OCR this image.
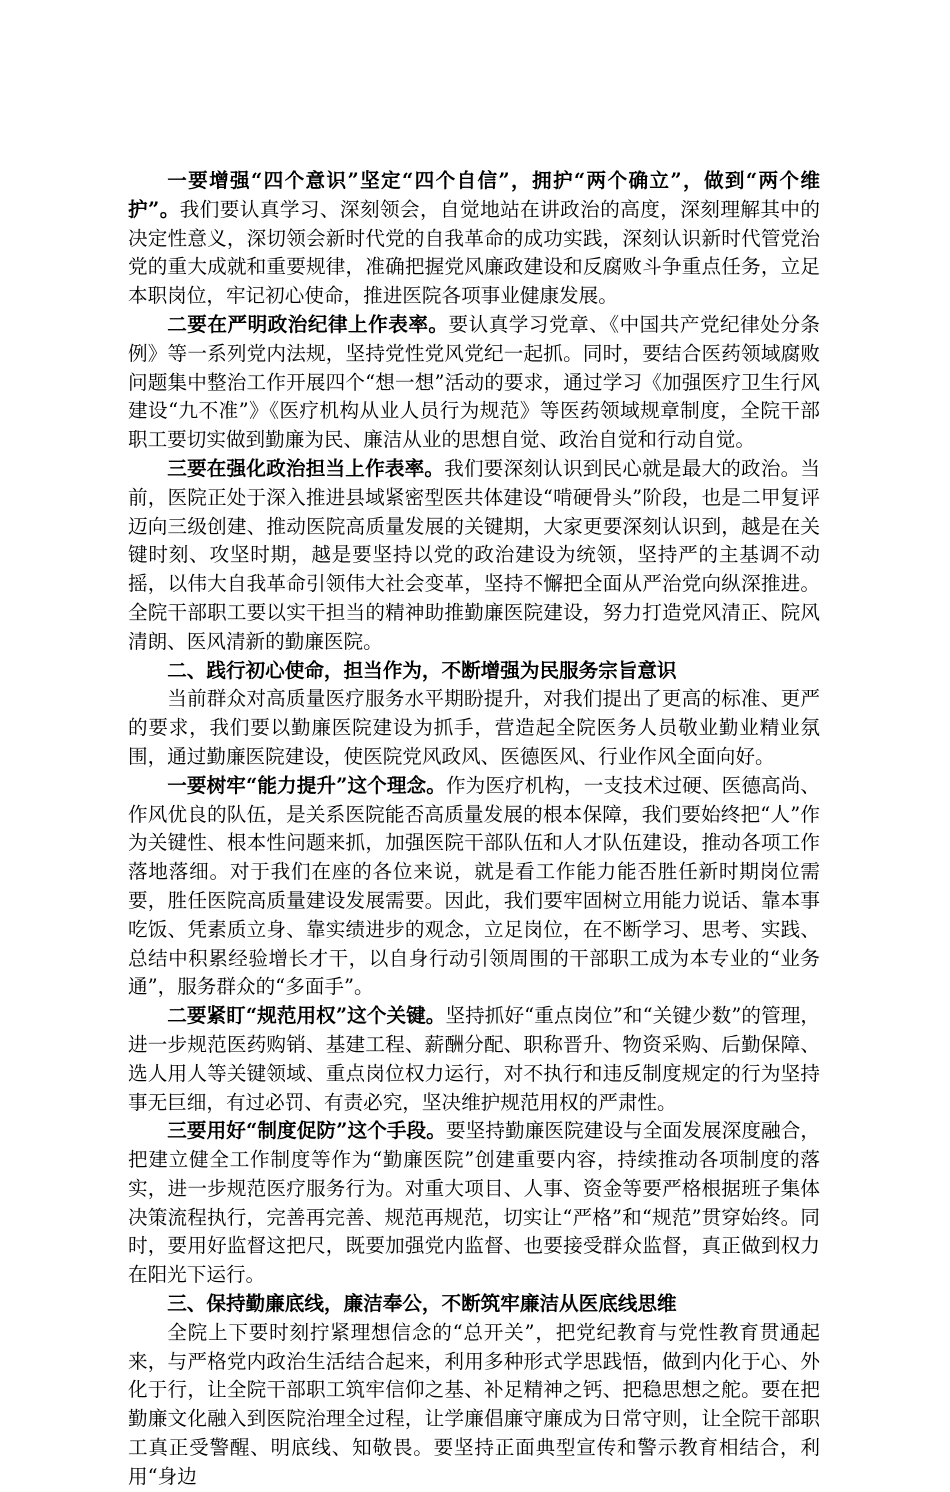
一要增强“四个意识”坚定“四个自信”，拥护“两个确立”，做到“两个维护”。我们要认真学习、深刻领会，自觉地站在讲政治的高度，深刻理解其中的决定性意义，深切领会新时代党的自我革命的成功实践，深刻认识新时代管党治党的重大成就和重要规律，准确把握党风廉政建设和反腐败斗争重点任务，立足本职岗位，牢记初心使命，推进医院各项事业健康发展。

二要在严明政治纪律上作表率。要认真学习党章、《中国共产党纪律处分条例》等一系列党内法规，坚持党性党风党纪一起抓。同时，要结合医药领域腐败问题集中整治工作开展四个“想一想”活动的要求，通过学习《加强医疗卫生行风建设“九不准”》《医疗机构从业人员行为规范》等医药领域规章制度，全院干部职工要切实做到勤廉为民、廉洁从业的思想自觉、政治自觉和行动自觉。

三要在强化政治担当上作表率。我们要深刻认识到民心就是最大的政治。当前，医院正处于深入推进县域紧密型医共体建设“啃硬骨头”阶段，也是二甲复评迈向三级创建、推动医院高质量发展的关键期，大家更要深刻认识到，越是在关键时刻、攻坚时期，越是要坚持以党的政治建设为统领，坚持严的主基调不动摇，以伟大自我革命引领伟大社会变革，坚持不懈把全面从严治党向纵深推进。全院干部职工要以实干担当的精神助推勤廉医院建设，努力打造党风清正、院风清朗、医风清新的勤廉医院。

二、践行初心使命，担当作为，不断增强为民服务宗旨意识

当前群众对高质量医疗服务水平期盼提升，对我们提出了更高的标准、更严的要求，我们要以勤廉医院建设为抓手，营造起全院医务人员敬业勤业精业氛围，通过勤廉医院建设，使医院党风政风、医德医风、行业作风全面向好。

一要树牢“能力提升”这个理念。作为医疗机构，一支技术过硬、医德高尚、作风优良的队伍，是关系医院能否高质量发展的根本保障，我们要始终把“人”作为关键性、根本性问题来抓，加强医院干部队伍和人才队伍建设，推动各项工作落地落细。对于我们在座的各位来说，就是看工作能力能否胜任新时期岗位需要，胜任医院高质量建设发展需要。因此，我们要牢固树立用能力说话、靠本事吃饭、凭素质立身、靠实绩进步的观念，立足岗位，在不断学习、思考、实践、总结中积累经验增长才干，以自身行动引领周围的干部职工成为本专业的“业务通”，服务群众的“多面手”。

二要紧盯“规范用权”这个关键。坚持抓好“重点岗位”和“关键少数”的管理，进一步规范医药购销、基建工程、薪酬分配、职称晋升、物资采购、后勤保障、选人用人等关键领域、重点岗位权力运行，对不执行和违反制度规定的行为坚持事无巨细，有过必罚、有责必究，坚决维护规范用权的严肃性。

三要用好“制度促防”这个手段。要坚持勤廉医院建设与全面发展深度融合，把建立健全工作制度等作为“勤廉医院”创建重要内容，持续推动各项制度的落实，进一步规范医疗服务行为。对重大项目、人事、资金等要严格根据班子集体决策流程执行，完善再完善、规范再规范，切实让“严格”和“规范”贯穿始终。同时，要用好监督这把尺，既要加强党内监督、也要接受群众监督，真正做到权力在阳光下运行。

三、保持勤廉底线，廉洁奉公，不断筑牢廉洁从医底线思维

全院上下要时刻拧紧理想信念的“总开关”，把党纪教育与党性教育贯通起来，与严格党内政治生活结合起来，利用多种形式学思践悟，做到内化于心、外化于行，让全院干部职工筑牢信仰之基、补足精神之钙、把稳思想之舵。要在把勤廉文化融入到医院治理全过程，让学廉倡廉守廉成为日常守则，让全院干部职工真正受警醒、明底线、知敬畏。要坚持正面典型宣传和警示教育相结合，利用“身边
